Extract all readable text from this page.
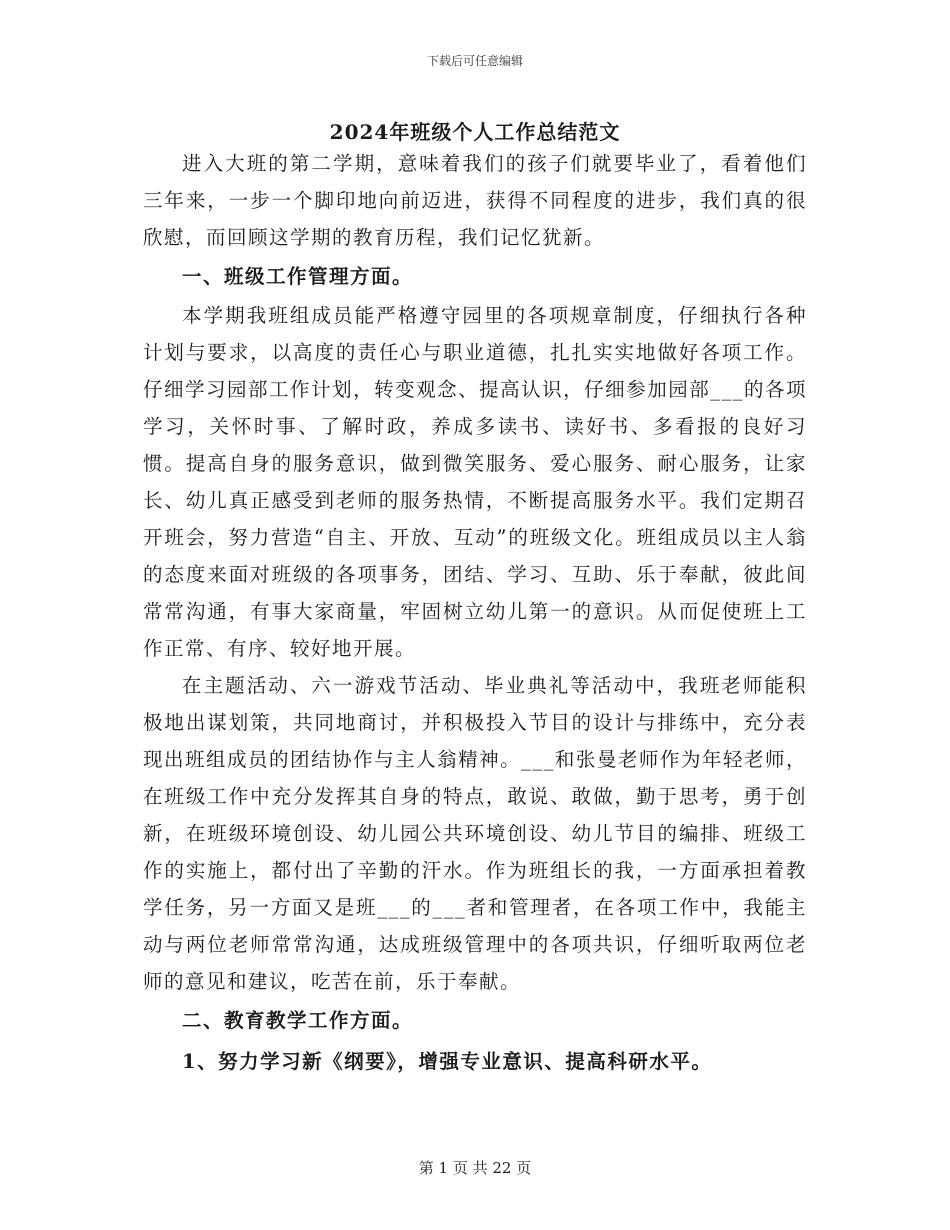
下载后可任意编辑
2024年班级个人工作总结范文

进入大班的第二学期，意味着我们的孩子们就要毕业了，看着他们三年来，一步一个脚印地向前迈进，获得不同程度的进步，我们真的很欣慰，而回顾这学期的教育历程，我们记忆犹新。

一、班级工作管理方面。

本学期我班组成员能严格遵守园里的各项规章制度，仔细执行各种计划与要求，以高度的责任心与职业道德，扎扎实实地做好各项工作。仔细学习园部工作计划，转变观念、提高认识，仔细参加园部___的各项学习，关怀时事、了解时政，养成多读书、读好书、多看报的良好习惯。提高自身的服务意识，做到微笑服务、爱心服务、耐心服务，让家长、幼儿真正感受到老师的服务热情，不断提高服务水平。我们定期召开班会，努力营造“自主、开放、互动”的班级文化。班组成员以主人翁的态度来面对班级的各项事务，团结、学习、互助、乐于奉献，彼此间常常沟通，有事大家商量，牢固树立幼儿第一的意识。从而促使班上工作正常、有序、较好地开展。

在主题活动、六一游戏节活动、毕业典礼等活动中，我班老师能积极地出谋划策，共同地商讨，并积极投入节目的设计与排练中，充分表现出班组成员的团结协作与主人翁精神。___和张曼老师作为年轻老师，在班级工作中充分发挥其自身的特点，敢说、敢做，勤于思考，勇于创新，在班级环境创设、幼儿园公共环境创设、幼儿节目的编排、班级工作的实施上，都付出了辛勤的汗水。作为班组长的我，一方面承担着教学任务，另一方面又是班___的___者和管理者，在各项工作中，我能主动与两位老师常常沟通，达成班级管理中的各项共识，仔细听取两位老师的意见和建议，吃苦在前，乐于奉献。

二、教育教学工作方面。

1、努力学习新《纲要》，增强专业意识、提高科研水平。

第 1 页 共 22 页
